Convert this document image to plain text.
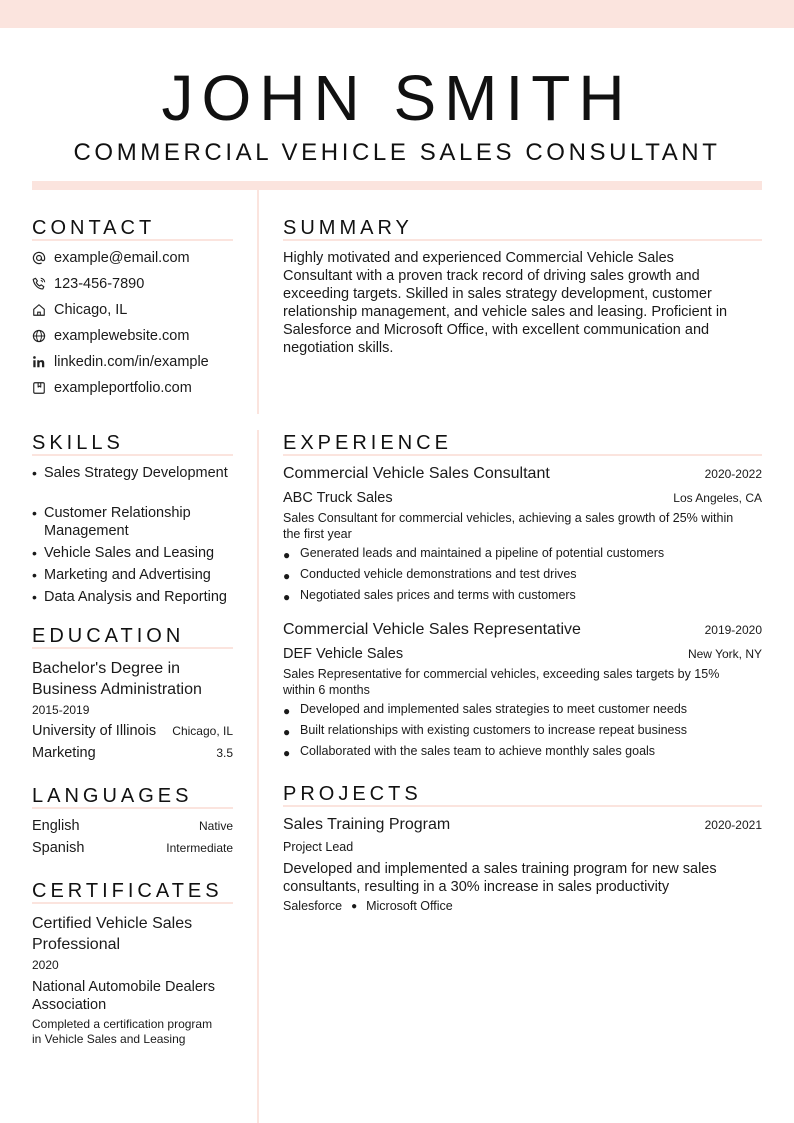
JOHN SMITH
COMMERCIAL VEHICLE SALES CONSULTANT
CONTACT
example@email.com
123-456-7890
Chicago, IL
examplewebsite.com
linkedin.com/in/example
exampleportfolio.com
SUMMARY
Highly motivated and experienced Commercial Vehicle Sales
Consultant with a proven track record of driving sales growth and
exceeding targets. Skilled in sales strategy development, customer
relationship management, and vehicle sales and leasing. Proficient in
Salesforce and Microsoft Office, with excellent communication and
negotiation skills.
SKILLS
• Sales Strategy Development
• Customer Relationship Management
• Vehicle Sales and Leasing
• Marketing and Advertising
• Data Analysis and Reporting
EDUCATION
Bachelor's Degree in
Business Administration
2015-2019
University of Illinois Chicago, IL
Marketing	3.5
LANGUAGES
English	Native
Spanish	Intermediate
CERTIFICATES
Certified Vehicle Sales
Professional
2020
National Automobile Dealers
Association
Completed a certification program
in Vehicle Sales and Leasing
EXPERIENCE
Commercial Vehicle Sales Consultant	2020-2022
ABC Truck Sales	Los Angeles, CA
Sales Consultant for commercial vehicles, achieving a sales growth of 25% within
the first year
● Generated leads and maintained a pipeline of potential customers
● Conducted vehicle demonstrations and test drives
● Negotiated sales prices and terms with customers
Commercial Vehicle Sales Representative	2019-2020
DEF Vehicle Sales	New York, NY
Sales Representative for commercial vehicles, exceeding sales targets by 15%
within 6 months
● Developed and implemented sales strategies to meet customer needs
● Built relationships with existing customers to increase repeat business
● Collaborated with the sales team to achieve monthly sales goals
PROJECTS
Sales Training Program	2020-2021
Project Lead
Developed and implemented a sales training program for new sales
consultants, resulting in a 30% increase in sales productivity
Salesforce ● Microsoft Office
